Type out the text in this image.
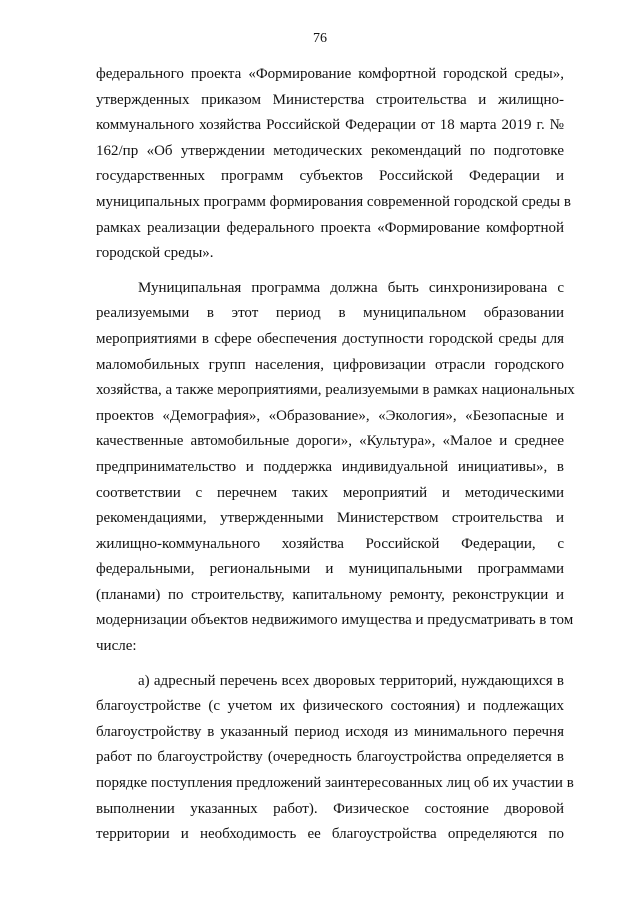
76
федерального проекта «Формирование комфортной городской среды»,
утвержденных приказом Министерства строительства и жилищно-
коммунального хозяйства Российской Федерации от 18 марта 2019 г. №
162/пр «Об утверждении методических рекомендаций по подготовке
государственных программ субъектов Российской Федерации и
муниципальных программ формирования современной городской среды в
рамках реализации федерального проекта «Формирование комфортной
городской среды».
Муниципальная программа должна быть синхронизирована с
реализуемыми в этот период в муниципальном образовании
мероприятиями в сфере обеспечения доступности городской среды для
маломобильных групп населения, цифровизации отрасли городского
хозяйства, а также мероприятиями, реализуемыми в рамках национальных
проектов «Демография», «Образование», «Экология», «Безопасные и
качественные автомобильные дороги», «Культура», «Малое и среднее
предпринимательство и поддержка индивидуальной инициативы», в
соответствии с перечнем таких мероприятий и методическими
рекомендациями, утвержденными Министерством строительства и
жилищно-коммунального хозяйства Российской Федерации, с
федеральными, региональными и муниципальными программами
(планами) по строительству, капитальному ремонту, реконструкции и
модернизации объектов недвижимого имущества и предусматривать в том
числе:
а) адресный перечень всех дворовых территорий, нуждающихся в
благоустройстве (с учетом их физического состояния) и подлежащих
благоустройству в указанный период исходя из минимального перечня
работ по благоустройству (очередность благоустройства определяется в
порядке поступления предложений заинтересованных лиц об их участии в
выполнении указанных работ). Физическое состояние дворовой
территории и необходимость ее благоустройства определяются по
